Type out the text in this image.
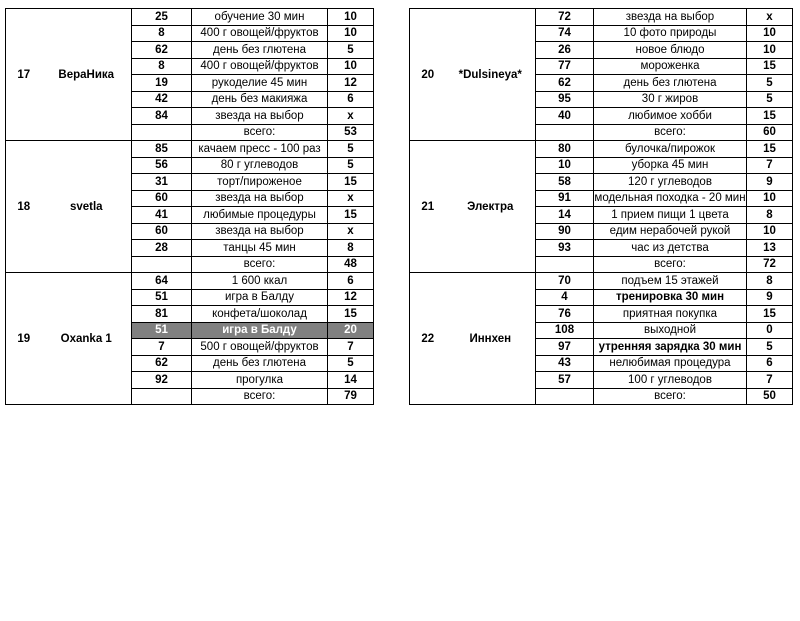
17	ВераНика	25	обучение 30 мин	10
		8	400 г овощей/фруктов	10
		62	день без глютена	5
		8	400 г овощей/фруктов	10
		19	рукоделие 45 мин	12
		42	день без макияжа	6
		84	звезда на выбор	x
			всего:	53
18	svetla	85	качаем пресс - 100 раз	5
		56	80 г углеводов	5
		31	торт/пироженое	15
		60	звезда на выбор	x
		41	любимые процедуры	15
		60	звезда на выбор	x
		28	танцы 45 мин	8
			всего:	48
19	Oxanka 1	64	1 600 ккал	6
		51	игра в Балду	12
		81	конфета/шоколад	15
		51	игра в Балду	20
		7	500 г овощей/фруктов	7
		62	день без глютена	5
		92	прогулка	14
			всего:	79
20	*Dulsineya*	72	звезда на выбор	x
		74	10 фото природы	10
		26	новое блюдо	10
		77	мороженка	15
		62	день без глютена	5
		95	30 г жиров	5
		40	любимое хобби	15
			всего:	60
21	Электра	80	булочка/пирожок	15
		10	уборка 45 мин	7
		58	120 г углеводов	9
		91	модельная походка - 20 мин	10
		14	1 прием пищи 1 цвета	8
		90	едим нерабочей рукой	10
		93	час из детства	13
			всего:	72
22	Иннхен	70	подъем 15 этажей	8
		4	тренировка 30 мин	9
		76	приятная покупка	15
		108	выходной	0
		97	утренняя зарядка 30 мин	5
		43	нелюбимая процедура	6
		57	100 г углеводов	7
			всего:	50
